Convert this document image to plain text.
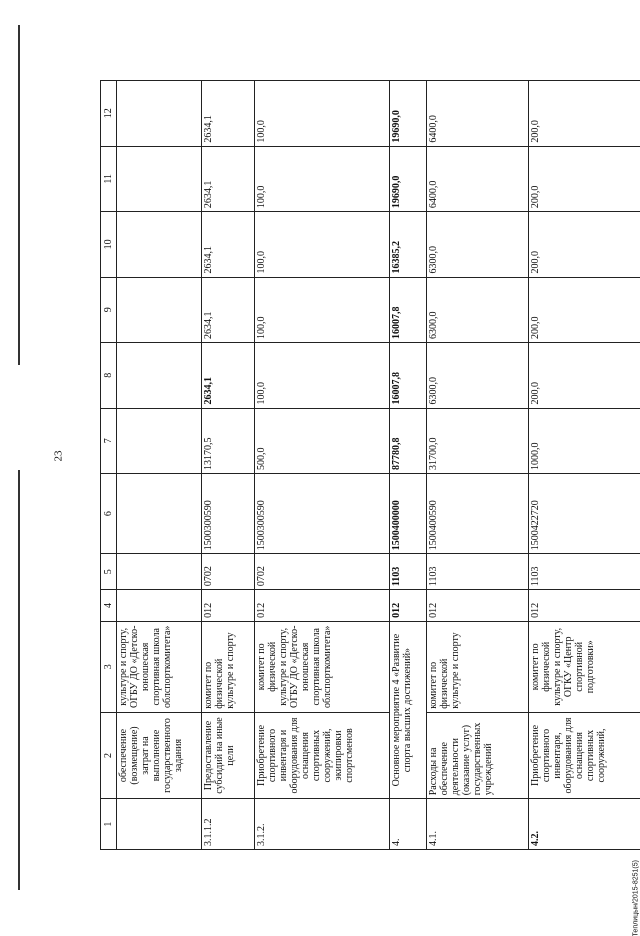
23
1	2	3	4	5	6	7	8	9	10	11	12
	обеспечение (возмещение) затрат на выполнение государственного задания	культуре и спорту, ОГБУ ДО «Детско-юношеская спортивная школа облспорткомитета»									
3.1.1.2	Предоставление субсидий на иные цели	комитет по физической культуре и спорту	012	0702	1500300590	13170,5	2634,1	2634,1	2634,1	2634,1	2634,1
3.1.2.	Приобретение спортивного инвентаря и оборудования для оснащения спортивных сооружений, экипировки спортсменов	комитет по физической культуре и спорту, ОГБУ ДО «Детско-юношеская спортивная школа облспорткомитета»	012	0702	1500300590	500,0	100,0	100,0	100,0	100,0	100,0
4.	Основное мероприятие 4 «Развитие спорта высших достижений»		012	1103	1500400000	87780,8	16007,8	16007,8	16385,2	19690,0	19690,0
4.1.	Расходы на обеспечение деятельности (оказание услуг) государственных учреждений	комитет по физической культуре и спорту	012	1103	1500400590	31700,0	6300,0	6300,0	6300,0	6400,0	6400,0
4.2.	Приобретение спортивного инвентаря, оборудования для оснащения спортивных сооружений,	комитет по физической культуре и спорту, ОГКУ «Центр спортивной подготовки»	012	1103	1500422720	1000,0	200,0	200,0	200,0	200,0	200,0
Теплицын/2015-8251(5)
